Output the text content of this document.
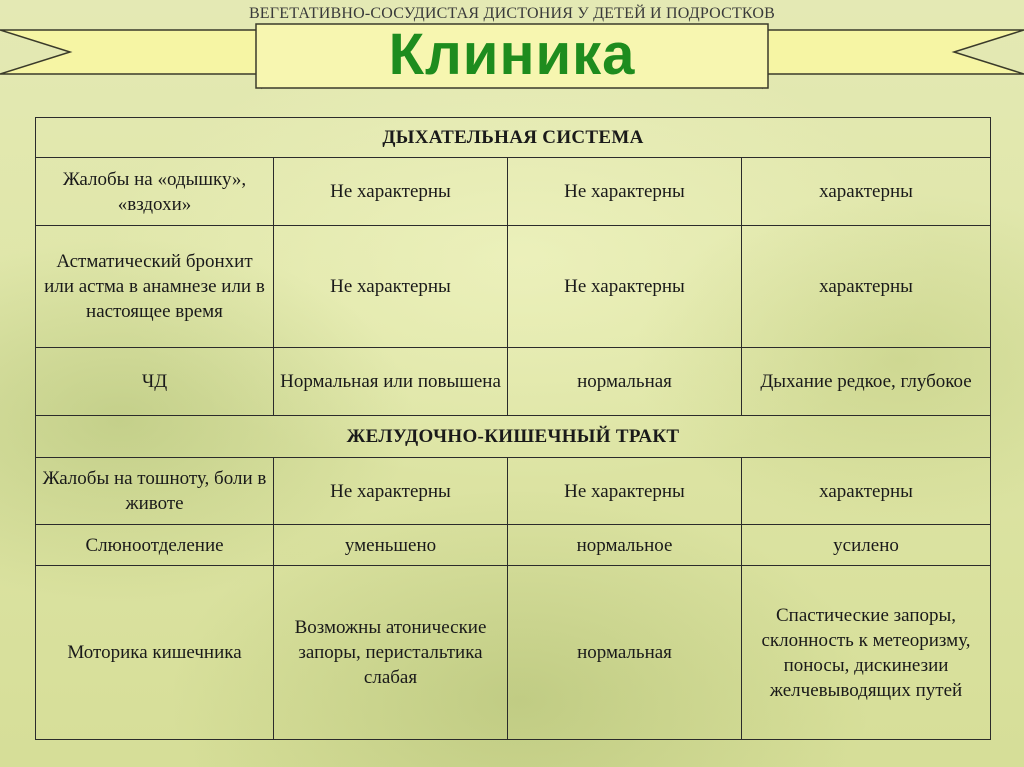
ВЕГЕТАТИВНО-СОСУДИСТАЯ ДИСТОНИЯ У ДЕТЕЙ И ПОДРОСТКОВ
Клиника
ДЫХАТЕЛЬНАЯ СИСТЕМА			
Жалобы на «одышку», «вздохи»	Не характерны	Не характерны	характерны
Астматический бронхит или астма в анамнезе или в настоящее время	Не характерны	Не характерны	характерны
ЧД	Нормальная или повышена	нормальная	Дыхание редкое, глубокое
ЖЕЛУДОЧНО-КИШЕЧНЫЙ ТРАКТ			
Жалобы на тошноту, боли в животе	Не характерны	Не характерны	характерны
Слюноотделение	уменьшено	нормальное	усилено
Моторика кишечника	Возможны атонические запоры, перистальтика слабая	нормальная	Спастические запоры, склонность к метеоризму, поносы, дискинезии желчевыводящих путей
